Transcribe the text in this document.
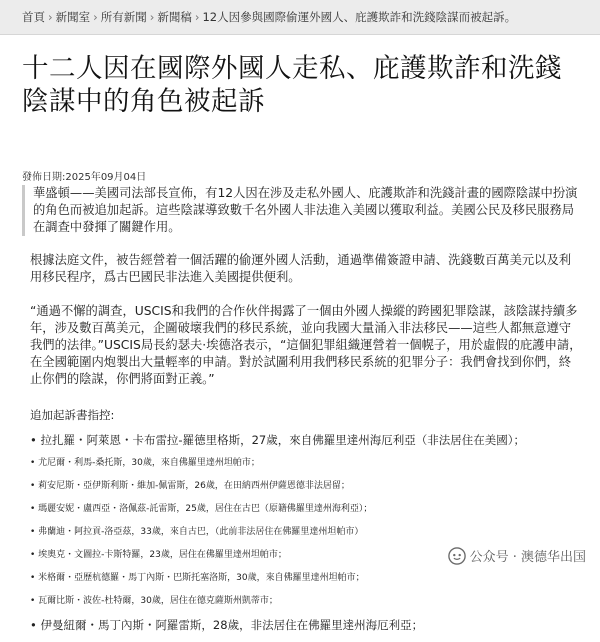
首頁 › 新聞室 › 所有新聞 › 新聞稿 › 12人因參與國際偷運外國人、庇護欺詐和洗錢陰謀而被起訴。
十二人因在國際外國人走私、庇護欺詐和洗錢陰謀中的角色被起訴
發佈日期:2025年09月04日

華盛頓——美國司法部長宣佈，有12人因在涉及走私外國人、庇護欺詐和洗錢計畫的國際陰謀中扮演的角色而被追加起訴。這些陰謀導致數千名外國人非法進入美國以獲取利益。美國公民及移民服務局在調查中發揮了關鍵作用。

根據法庭文件，被告經營着一個活躍的偷運外國人活動，通過準備簽證申請、洗錢數百萬美元以及利用移民程序，爲古巴國民非法進入美國提供便利。

“通過不懈的調查，USCIS和我們的合作伙伴揭露了一個由外國人操縱的跨國犯罪陰謀，該陰謀持續多年，涉及數百萬美元，企圖破壞我們的移民系統，並向我國大量涌入非法移民——這些人都無意遵守我們的法律。”USCIS局長約瑟夫·埃德洛表示，“這個犯罪組織運營着一個幌子，用於虛假的庇護申請，在全國範圍内炮製出大量輕率的申請。對於試圖利用我們移民系統的犯罪分子：我們會找到你們，終止你們的陰謀，你們將面對正義。”

追加起訴書指控:
• 拉扎羅・阿萊恩・卡布雷拉-羅德里格斯，27歲，來自佛羅里達州海厄利亞（非法居住在美國）；
• 尤尼爾・利馬-桑托斯，30歲，來自佛羅里達州坦帕市；
• 莉安尼斯・亞伊斯利斯・維加-佩雷斯，26歲，在田納西州伊薩恩德非法居留；
• 瑪麗安妮・盧西亞・洛佩茲-託雷斯，25歲，居住在古巴（原籍佛羅里達州海利亞）；
• 弗蘭迪・阿拉貢-洛亞茲，33歲，來自古巴，（此前非法居住在佛羅里達州坦帕市）
• 埃奧克・文圖拉-卡斯特羅，23歲，居住在佛羅里達州坦帕市；
• 米格爾・亞歷杭德羅・馬丁內斯・巴斯托塞洛斯，30歲，來自佛羅里達州坦帕市；
• 瓦爾比斯・波佐-杜特爾，30歲，居住在德克薩斯州凱蒂市；
• 伊曼紐爾・馬丁內斯・阿羅雷斯，28歲，非法居住在佛羅里達州海厄利亞；
公众号 · 澳德华出国
